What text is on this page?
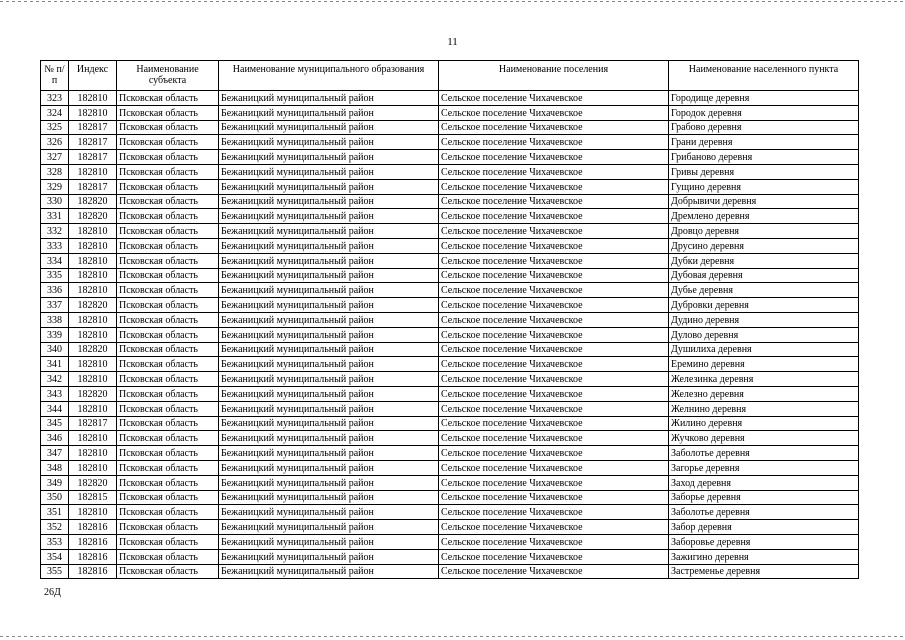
11
№ п/п	Индекс	Наименование субъекта	Наименование муниципального образования	Наименование поселения	Наименование населенного пункта
323	182810	Псковская область	Бежаницкий муниципальный район	Сельское поселение Чихачевское	Городище деревня
324	182810	Псковская область	Бежаницкий муниципальный район	Сельское поселение Чихачевское	Городок деревня
325	182817	Псковская область	Бежаницкий муниципальный район	Сельское поселение Чихачевское	Грабово деревня
326	182817	Псковская область	Бежаницкий муниципальный район	Сельское поселение Чихачевское	Грани деревня
327	182817	Псковская область	Бежаницкий муниципальный район	Сельское поселение Чихачевское	Грибаново деревня
328	182810	Псковская область	Бежаницкий муниципальный район	Сельское поселение Чихачевское	Гривы деревня
329	182817	Псковская область	Бежаницкий муниципальный район	Сельское поселение Чихачевское	Гущино деревня
330	182820	Псковская область	Бежаницкий муниципальный район	Сельское поселение Чихачевское	Добрывичи деревня
331	182820	Псковская область	Бежаницкий муниципальный район	Сельское поселение Чихачевское	Дремлено деревня
332	182810	Псковская область	Бежаницкий муниципальный район	Сельское поселение Чихачевское	Дровцо деревня
333	182810	Псковская область	Бежаницкий муниципальный район	Сельское поселение Чихачевское	Друсино деревня
334	182810	Псковская область	Бежаницкий муниципальный район	Сельское поселение Чихачевское	Дубки деревня
335	182810	Псковская область	Бежаницкий муниципальный район	Сельское поселение Чихачевское	Дубовая деревня
336	182810	Псковская область	Бежаницкий муниципальный район	Сельское поселение Чихачевское	Дубье деревня
337	182820	Псковская область	Бежаницкий муниципальный район	Сельское поселение Чихачевское	Дубровки деревня
338	182810	Псковская область	Бежаницкий муниципальный район	Сельское поселение Чихачевское	Дудино деревня
339	182810	Псковская область	Бежаницкий муниципальный район	Сельское поселение Чихачевское	Дулово деревня
340	182820	Псковская область	Бежаницкий муниципальный район	Сельское поселение Чихачевское	Душилиха деревня
341	182810	Псковская область	Бежаницкий муниципальный район	Сельское поселение Чихачевское	Еремино деревня
342	182810	Псковская область	Бежаницкий муниципальный район	Сельское поселение Чихачевское	Железинка деревня
343	182820	Псковская область	Бежаницкий муниципальный район	Сельское поселение Чихачевское	Железно деревня
344	182810	Псковская область	Бежаницкий муниципальный район	Сельское поселение Чихачевское	Желнино деревня
345	182817	Псковская область	Бежаницкий муниципальный район	Сельское поселение Чихачевское	Жилино деревня
346	182810	Псковская область	Бежаницкий муниципальный район	Сельское поселение Чихачевское	Жучково деревня
347	182810	Псковская область	Бежаницкий муниципальный район	Сельское поселение Чихачевское	Заболотье деревня
348	182810	Псковская область	Бежаницкий муниципальный район	Сельское поселение Чихачевское	Загорье деревня
349	182820	Псковская область	Бежаницкий муниципальный район	Сельское поселение Чихачевское	Заход деревня
350	182815	Псковская область	Бежаницкий муниципальный район	Сельское поселение Чихачевское	Заборье деревня
351	182810	Псковская область	Бежаницкий муниципальный район	Сельское поселение Чихачевское	Заболотье деревня
352	182816	Псковская область	Бежаницкий муниципальный район	Сельское поселение Чихачевское	Забор деревня
353	182816	Псковская область	Бежаницкий муниципальный район	Сельское поселение Чихачевское	Заборовье деревня
354	182816	Псковская область	Бежаницкий муниципальный район	Сельское поселение Чихачевское	Зажигино деревня
355	182816	Псковская область	Бежаницкий муниципальный район	Сельское поселение Чихачевское	Застременье деревня
26Д
